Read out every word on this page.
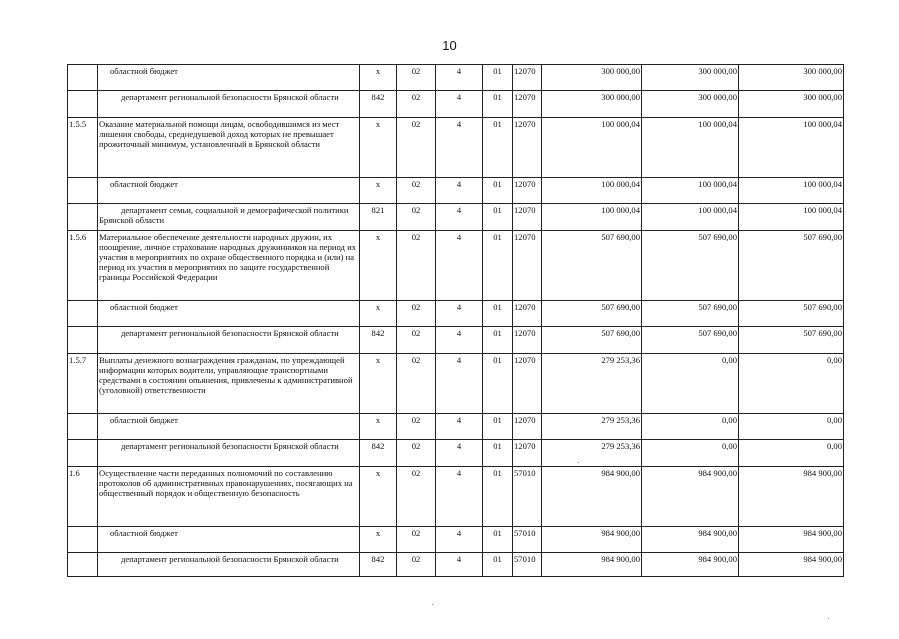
10
	областной бюджет	х	02	4	01	12070	300 000,00	300 000,00	300 000,00
	департамент региональной безопасности Брянской области	842	02	4	01	12070	300 000,00	300 000,00	300 000,00
1.5.5	Оказание материальной помощи лицам, освободившимся из мест лишения свободы, среднедушевой доход которых не превышает прожиточный минимум, установленный в Брянской области	х	02	4	01	12070	100 000,04	100 000,04	100 000,04
	областной бюджет	х	02	4	01	12070	100 000,04	100 000,04	100 000,04
	департамент семьи, социальной и демографической политики Брянской области	821	02	4	01	12070	100 000,04	100 000,04	100 000,04
1.5.6	Материальное обеспечение деятельности народных дружин, их поощрение, личное страхование народных дружинников на период их участия в мероприятиях по охране общественного порядка и (или) на период их участия в мероприятиях по защите государственной границы Российской Федерации	х	02	4	01	12070	507 690,00	507 690,00	507 690,00
	областной бюджет	х	02	4	01	12070	507 690,00	507 690,00	507 690,00
	департамент региональной безопасности Брянской области	842	02	4	01	12070	507 690,00	507 690,00	507 690,00
1.5.7	Выплаты денежного вознаграждения гражданам, по упреждающей информации которых водители, управляющие транспортными средствами в состоянии опьянения, привлечены к административной (уголовной) ответственности	х	02	4	01	12070	279 253,36	0,00	0,00
	областной бюджет	х	02	4	01	12070	279 253,36	0,00	0,00
	департамент региональной безопасности Брянской области	842	02	4	01	12070	279 253,36	0,00	0,00
1.6	Осуществление части переданных полномочий по составлению протоколов об административных правонарушениях, посягающих на общественный порядок и общественную безопасность	х	02	4	01	57010	984 900,00	984 900,00	984 900,00
	областной бюджет	х	02	4	01	57010	984 900,00	984 900,00	984 900,00
	департамент региональной безопасности Брянской области	842	02	4	01	57010	984 900,00	984 900,00	984 900,00
